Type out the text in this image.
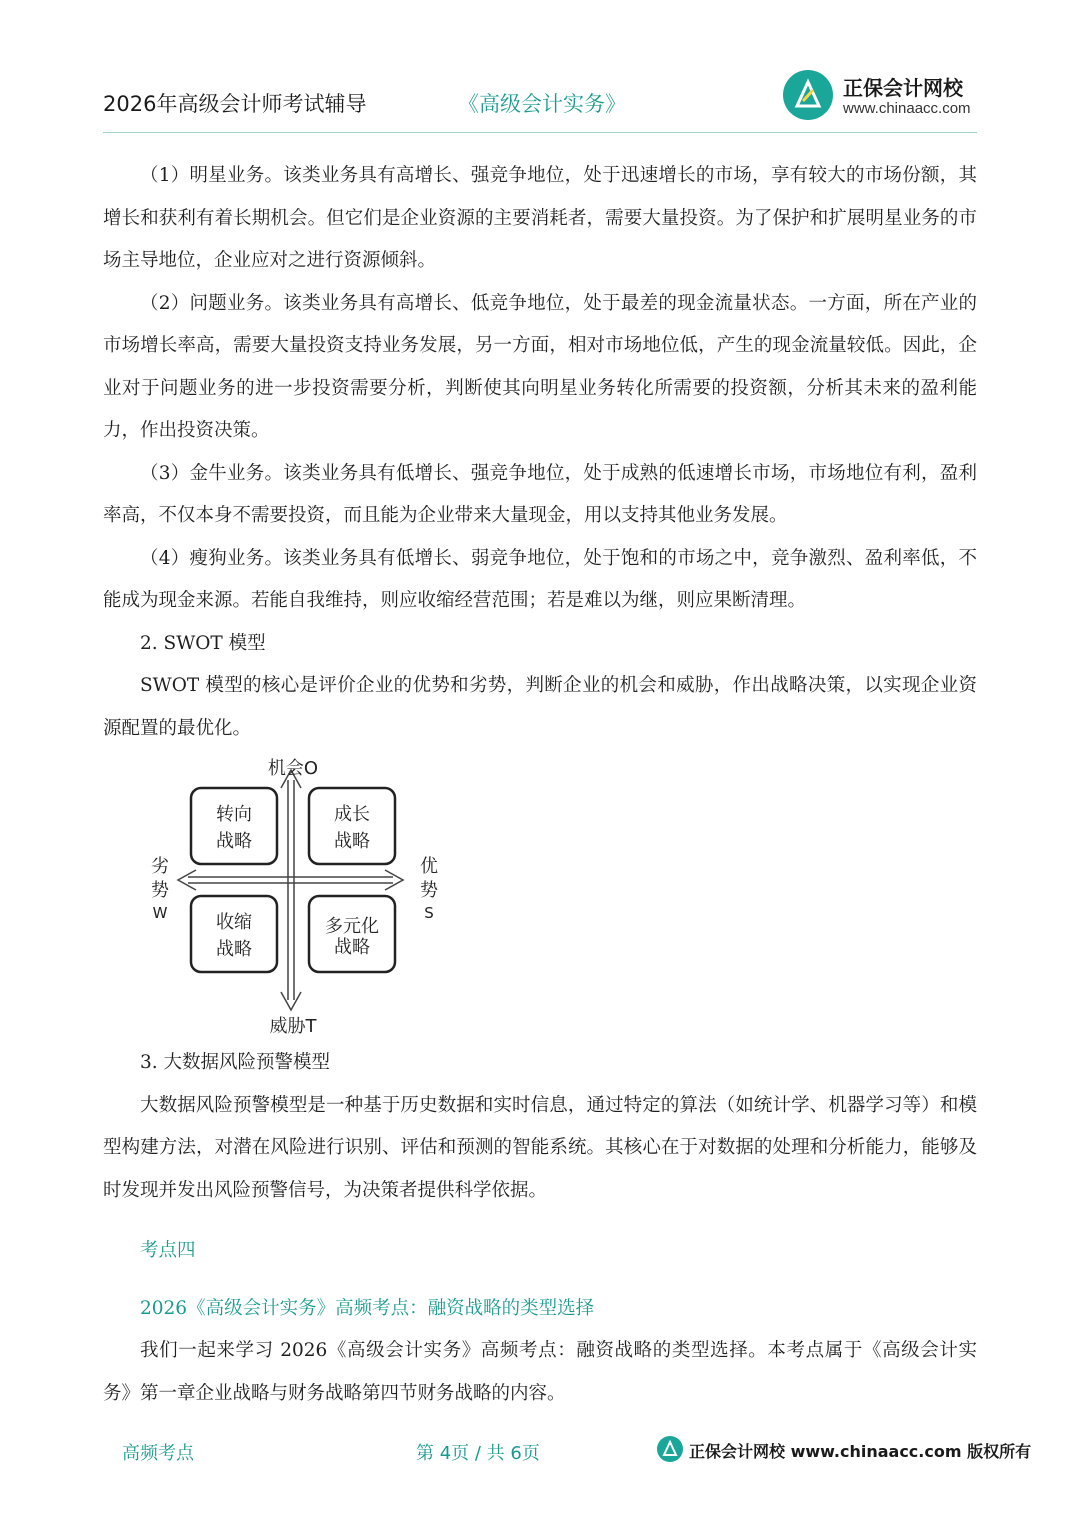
2026年高级会计师考试辅导	《高级会计实务》
正保会计网校
www.chinaacc.com

（1）明星业务。该类业务具有高增长、强竞争地位，处于迅速增长的市场，享有较大的市场份额，其增长和获利有着长期机会。但它们是企业资源的主要消耗者，需要大量投资。为了保护和扩展明星业务的市场主导地位，企业应对之进行资源倾斜。

（2）问题业务。该类业务具有高增长、低竞争地位，处于最差的现金流量状态。一方面，所在产业的市场增长率高，需要大量投资支持业务发展，另一方面，相对市场地位低，产生的现金流量较低。因此，企业对于问题业务的进一步投资需要分析，判断使其向明星业务转化所需要的投资额，分析其未来的盈利能力，作出投资决策。

（3）金牛业务。该类业务具有低增长、强竞争地位，处于成熟的低速增长市场，市场地位有利，盈利率高，不仅本身不需要投资，而且能为企业带来大量现金，用以支持其他业务发展。

（4）瘦狗业务。该类业务具有低增长、弱竞争地位，处于饱和的市场之中，竞争激烈、盈利率低，不能成为现金来源。若能自我维持，则应收缩经营范围；若是难以为继，则应果断清理。

2. SWOT 模型

SWOT 模型的核心是评价企业的优势和劣势，判断企业的机会和威胁，作出战略决策，以实现企业资源配置的最优化。

机会O
威胁T
劣
势
W
优
势
S
转向
战略
成长
战略
收缩
战略
多元化
战略

3. 大数据风险预警模型

大数据风险预警模型是一种基于历史数据和实时信息，通过特定的算法（如统计学、机器学习等）和模型构建方法，对潜在风险进行识别、评估和预测的智能系统。其核心在于对数据的处理和分析能力，能够及时发现并发出风险预警信号，为决策者提供科学依据。

考点四

2026《高级会计实务》高频考点：融资战略的类型选择

我们一起来学习 2026《高级会计实务》高频考点：融资战略的类型选择。本考点属于《高级会计实务》第一章企业战略与财务战略第四节财务战略的内容。

高频考点	第 4页 / 共 6页	正保会计网校 www.chinaacc.com 版权所有
